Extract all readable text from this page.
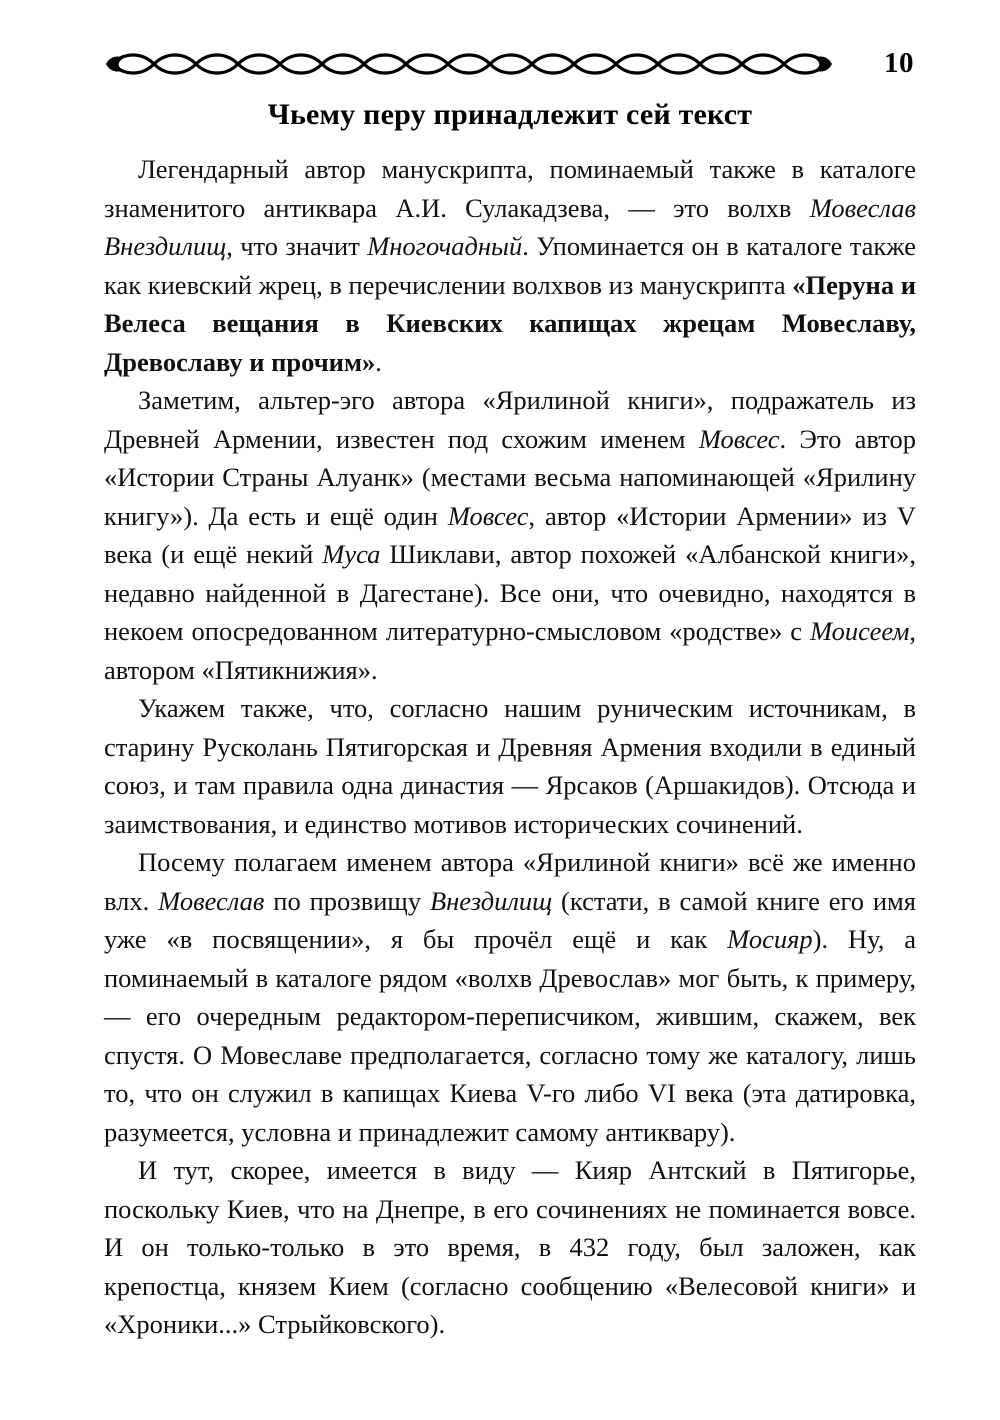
10
Чьему перу принадлежит сей текст

Легендарный автор манускрипта, поминаемый также в каталоге знаменитого антиквара А.И. Сулакадзева, — это волхв Мовеслав Внездилищ, что значит Многочадный. Упоминается он в каталоге также как киевский жрец, в перечислении волхвов из манускрипта «Перуна и Велеса вещания в Киевских капищах жрецам Мовеславу, Древославу и прочим».

Заметим, альтер-эго автора «Ярилиной книги», подражатель из Древней Армении, известен под схожим именем Мовсес. Это автор «Истории Страны Алуанк» (местами весьма напоминающей «Ярилину книгу»). Да есть и ещё один Мовсес, автор «Истории Армении» из V века (и ещё некий Муса Шиклави, автор похожей «Албанской книги», недавно найденной в Дагестане). Все они, что очевидно, находятся в некоем опосредованном литературно-смысловом «родстве» с Моисеем, автором «Пятикнижия».

Укажем также, что, согласно нашим руническим источникам, в старину Русколань Пятигорская и Древняя Армения входили в единый союз, и там правила одна династия — Ярсаков (Аршакидов). Отсюда и заимствования, и единство мотивов исторических сочинений.

Посему полагаем именем автора «Ярилиной книги» всё же именно влх. Мовеслав по прозвищу Внездилищ (кстати, в самой книге его имя уже «в посвящении», я бы прочёл ещё и как Мосияр). Ну, а поминаемый в каталоге рядом «волхв Древослав» мог быть, к примеру, — его очередным редактором-переписчиком, жившим, скажем, век спустя. О Мовеславе предполагается, согласно тому же каталогу, лишь то, что он служил в капищах Киева V-го либо VI века (эта датировка, разумеется, условна и принадлежит самому антиквару).

И тут, скорее, имеется в виду — Кияр Антский в Пятигорье, поскольку Киев, что на Днепре, в его сочинениях не поминается вовсе. И он только-только в это время, в 432 году, был заложен, как крепостца, князем Кием (согласно сообщению «Велесовой книги» и «Хроники...» Стрыйковского).
